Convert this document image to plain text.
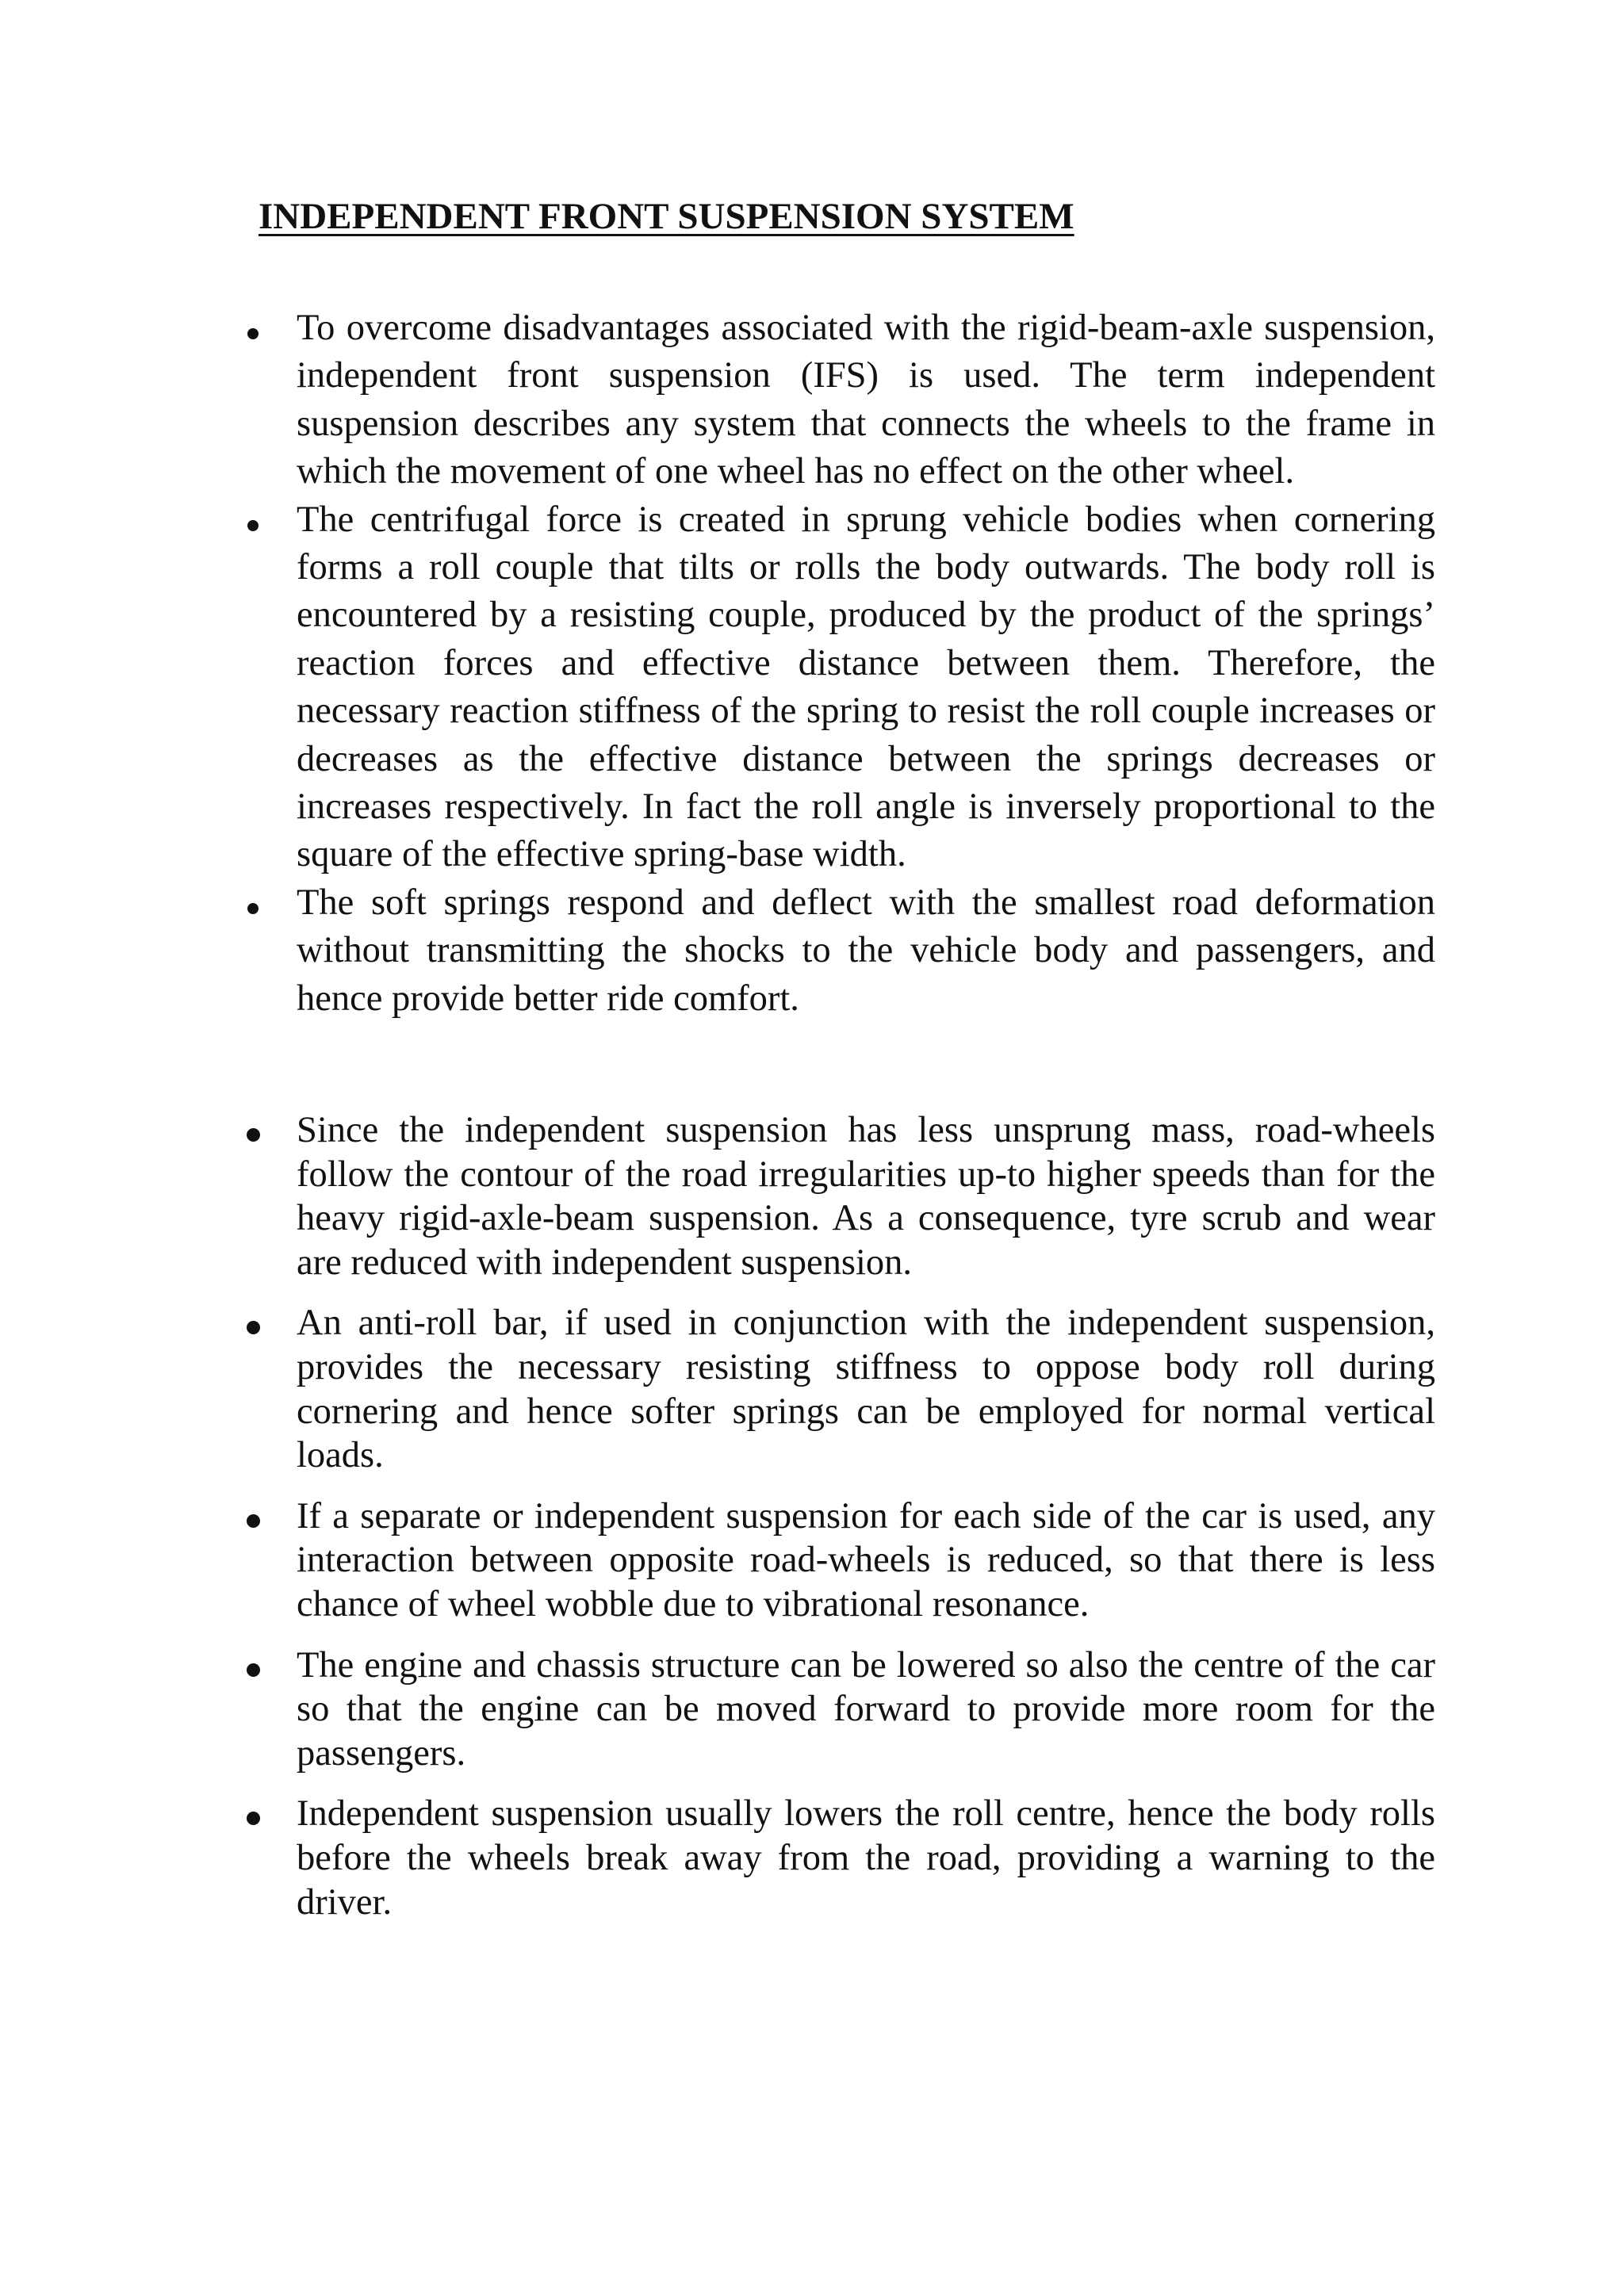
INDEPENDENT FRONT SUSPENSION SYSTEM
To overcome disadvantages associated with the rigid-beam-axle suspension, independent front suspension (IFS) is used. The term independent suspension describes any system that connects the wheels to the frame in which the movement of one wheel has no effect on the other wheel.
The centrifugal force is created in sprung vehicle bodies when cornering forms a roll couple that tilts or rolls the body outwards. The body roll is encountered by a resisting couple, produced by the product of the springs’ reaction forces and effective distance between them. Therefore, the necessary reaction stiffness of the spring to resist the roll couple increases or decreases as the effective distance between the springs decreases or increases respectively. In fact the roll angle is inversely proportional to the square of the effective spring-base width.
The soft springs respond and deflect with the smallest road deformation without transmitting the shocks to the vehicle body and passengers, and hence provide better ride comfort.
Since the independent suspension has less unsprung mass, road-wheels follow the contour of the road irregularities up-to higher speeds than for the heavy rigid-axle-beam suspension. As a consequence, tyre scrub and wear are reduced with independent suspension.
An anti-roll bar, if used in conjunction with the independent suspension, provides the necessary resisting stiffness to oppose body roll during cornering and hence softer springs can be employed for normal vertical loads.
If a separate or independent suspension for each side of the car is used, any interaction between opposite road-wheels is reduced, so that there is less chance of wheel wobble due to vibrational resonance.
The engine and chassis structure can be lowered so also the centre of the car so that the engine can be moved forward to provide more room for the passengers.
Independent suspension usually lowers the roll centre, hence the body rolls before the wheels break away from the road, providing a warning to the driver.
